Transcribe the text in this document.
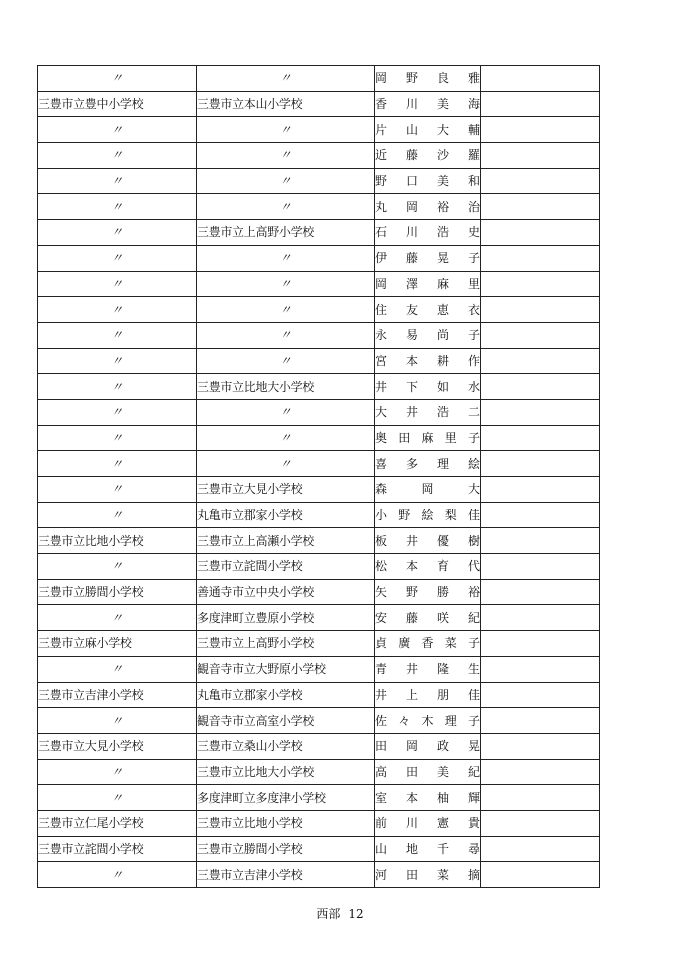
〃	〃	岡 野 良 雅	

三豊市立豊中小学校	三豊市立本山小学校	香 川 美 海	

〃	〃	片 山 大 輔	

〃	〃	近 藤 沙 羅	

〃	〃	野 口 美 和	

〃	〃	丸 岡 裕 治	

〃	三豊市立上高野小学校	石 川 浩 史	

〃	〃	伊 藤 晃 子	

〃	〃	岡 澤 麻 里	

〃	〃	住 友 恵 衣	

〃	〃	永 易 尚 子	

〃	〃	宮 本 耕 作	

〃	三豊市立比地大小学校	井 下 如 水	

〃	〃	大 井 浩 二	

〃	〃	奥 田 麻 里 子	

〃	〃	喜 多 理 絵	

〃	三豊市立大見小学校	森 岡 大	

〃	丸亀市立郡家小学校	小 野 絵 梨 佳	

三豊市立比地小学校	三豊市立上高瀬小学校	板 井 優 樹	

〃	三豊市立詫間小学校	松 本 育 代	

三豊市立勝間小学校	善通寺市立中央小学校	矢 野 勝 裕	

〃	多度津町立豊原小学校	安 藤 咲 紀	

三豊市立麻小学校	三豊市立上高野小学校	貞 廣 香 菜 子	

〃	観音寺市立大野原小学校	青 井 隆 生	

三豊市立吉津小学校	丸亀市立郡家小学校	井 上 朋 佳	

〃	観音寺市立高室小学校	佐 々 木 理 子	

三豊市立大見小学校	三豊市立桑山小学校	田 岡 政 晃	

〃	三豊市立比地大小学校	高 田 美 紀	

〃	多度津町立多度津小学校	室 本 柚 輝	

三豊市立仁尾小学校	三豊市立比地小学校	前 川 憲 貴	

三豊市立詫間小学校	三豊市立勝間小学校	山 地 千 尋	

〃	三豊市立吉津小学校	河 田 菜 摘	

西部 12
